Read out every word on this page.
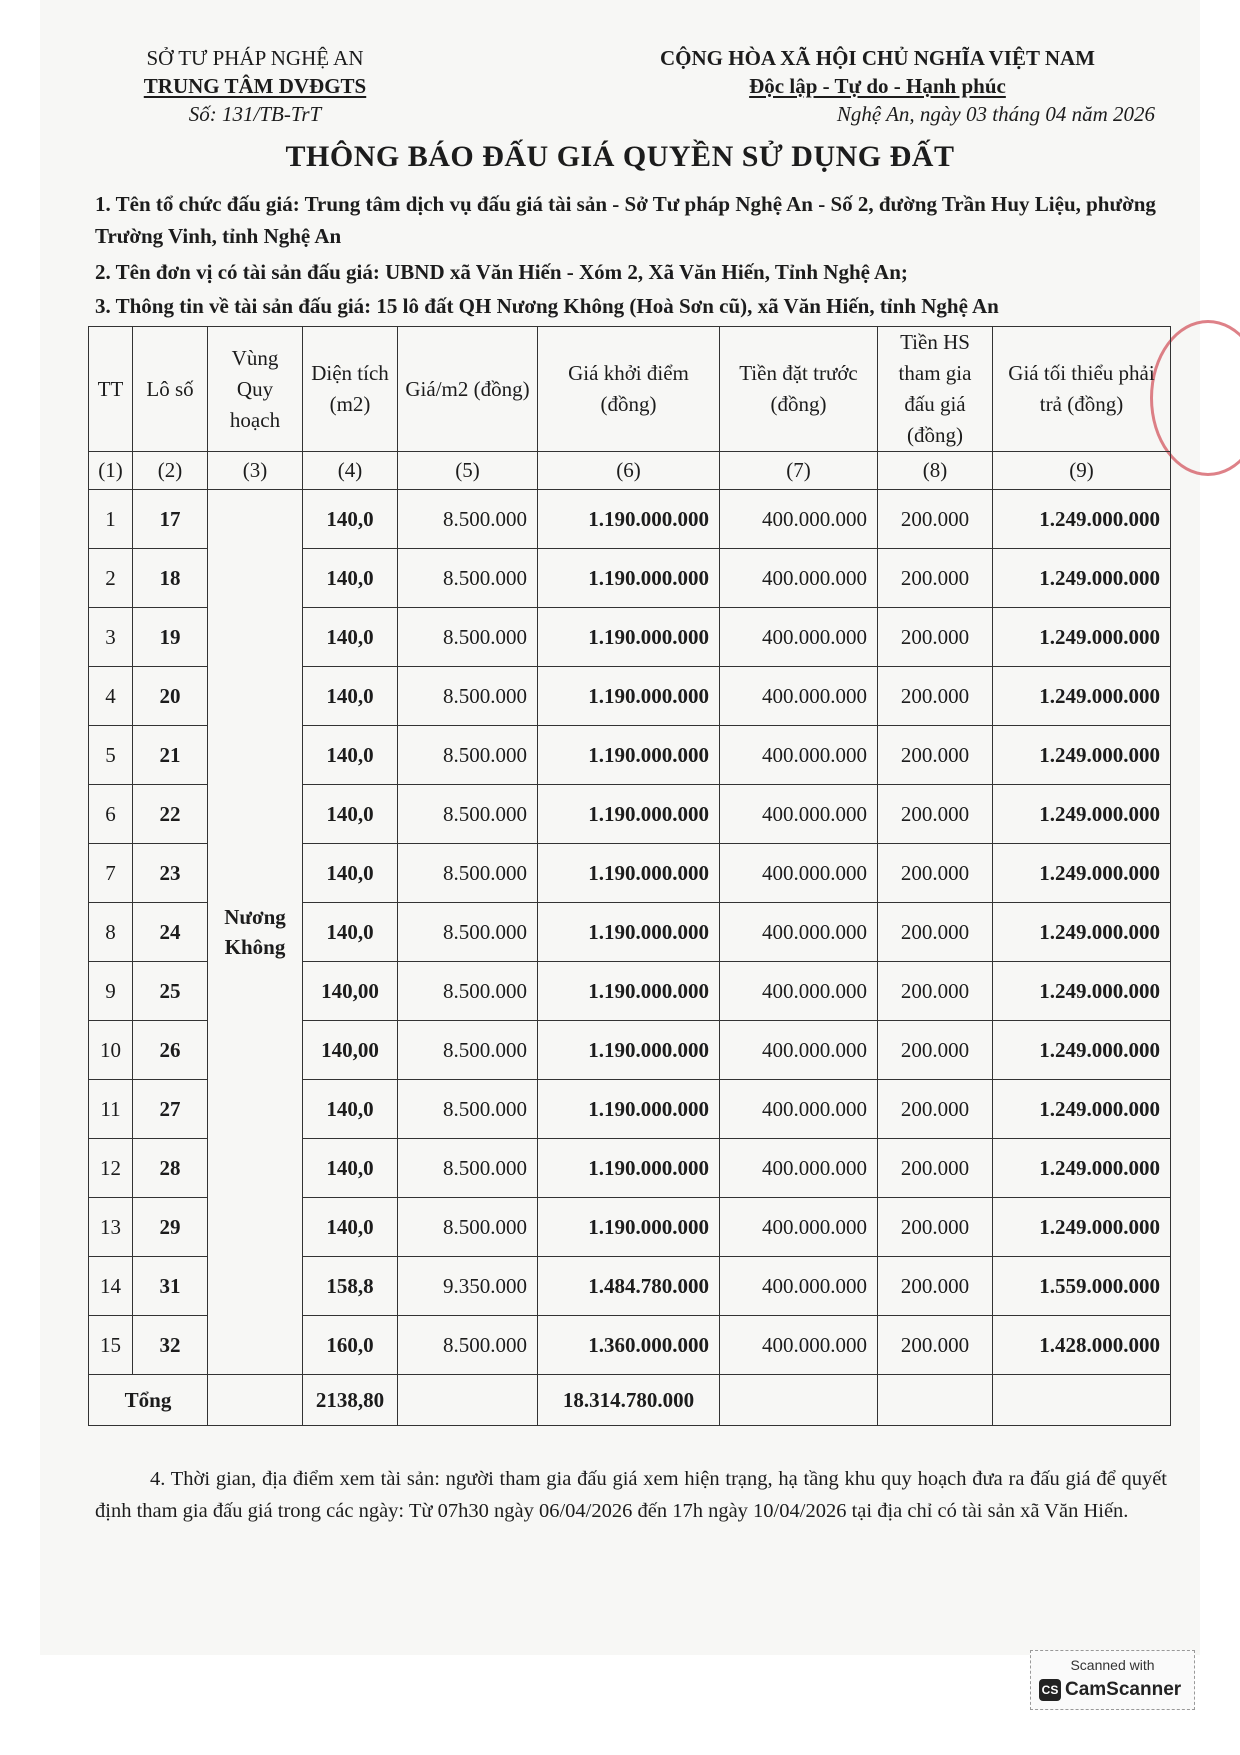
SỞ TƯ PHÁP NGHỆ AN
TRUNG TÂM DVĐGTS
Số: 131/TB-TrT
CỘNG HÒA XÃ HỘI CHỦ NGHĨA VIỆT NAM
Độc lập - Tự do - Hạnh phúc
Nghệ An, ngày 03 tháng 04 năm 2026
THÔNG BÁO ĐẤU GIÁ QUYỀN SỬ DỤNG ĐẤT
1. Tên tổ chức đấu giá: Trung tâm dịch vụ đấu giá tài sản - Sở Tư pháp Nghệ An - Số 2, đường Trần Huy Liệu, phường Trường Vinh, tỉnh Nghệ An
2. Tên đơn vị có tài sản đấu giá: UBND xã Văn Hiến - Xóm 2, Xã Văn Hiến, Tỉnh Nghệ An;
3. Thông tin về tài sản đấu giá: 15 lô đất QH Nương Không (Hoà Sơn cũ), xã Văn Hiến, tỉnh Nghệ An
TT	Lô số	Vùng Quy hoạch	Diện tích (m2)	Giá/m2 (đồng)	Giá khởi điểm (đồng)	Tiền đặt trước (đồng)	Tiền HS tham gia đấu giá (đồng)	Giá tối thiểu phải trả (đồng)
(1)	(2)	(3)	(4)	(5)	(6)	(7)	(8)	(9)
1	17	Nương Không	140,0	8.500.000	1.190.000.000	400.000.000	200.000	1.249.000.000
2	18		140,0	8.500.000	1.190.000.000	400.000.000	200.000	1.249.000.000
3	19		140,0	8.500.000	1.190.000.000	400.000.000	200.000	1.249.000.000
4	20		140,0	8.500.000	1.190.000.000	400.000.000	200.000	1.249.000.000
5	21		140,0	8.500.000	1.190.000.000	400.000.000	200.000	1.249.000.000
6	22		140,0	8.500.000	1.190.000.000	400.000.000	200.000	1.249.000.000
7	23		140,0	8.500.000	1.190.000.000	400.000.000	200.000	1.249.000.000
8	24		140,0	8.500.000	1.190.000.000	400.000.000	200.000	1.249.000.000
9	25		140,00	8.500.000	1.190.000.000	400.000.000	200.000	1.249.000.000
10	26		140,00	8.500.000	1.190.000.000	400.000.000	200.000	1.249.000.000
11	27		140,0	8.500.000	1.190.000.000	400.000.000	200.000	1.249.000.000
12	28		140,0	8.500.000	1.190.000.000	400.000.000	200.000	1.249.000.000
13	29		140,0	8.500.000	1.190.000.000	400.000.000	200.000	1.249.000.000
14	31		158,8	9.350.000	1.484.780.000	400.000.000	200.000	1.559.000.000
15	32		160,0	8.500.000	1.360.000.000	400.000.000	200.000	1.428.000.000
Tổng			2138,80		18.314.780.000			

4. Thời gian, địa điểm xem tài sản: người tham gia đấu giá xem hiện trạng, hạ tầng khu quy hoạch đưa ra đấu giá để quyết định tham gia đấu giá trong các ngày: Từ 07h30 ngày 06/04/2026 đến 17h ngày 10/04/2026 tại địa chỉ có tài sản xã Văn Hiến.

Scanned with
CS CamScanner
